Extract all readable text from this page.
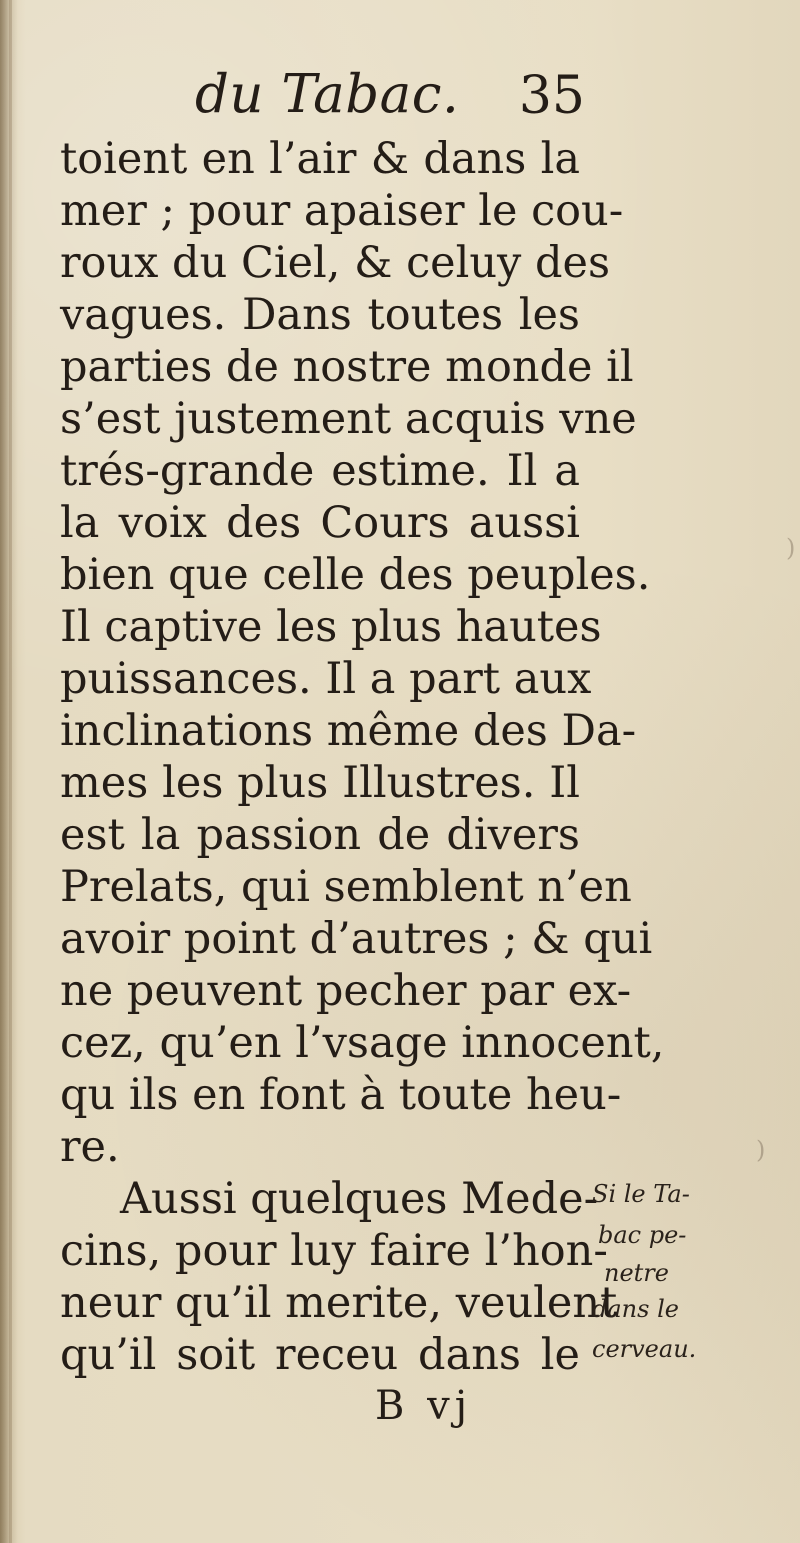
du Tabac. 35
toient en l’air & dans la
mer ; pour apaiser le cou-
roux du Ciel, & celuy des
vagues. Dans toutes les
parties de nostre monde il
s’est justement acquis vne
trés-grande estime. Il a
la voix des Cours aussi
bien que celle des peuples.
Il captive les plus hautes
puissances. Il a part aux
inclinations même des Da-
mes les plus Illustres. Il
est la passion de divers
Prelats, qui semblent n’en
avoir point d’autres ; & qui
ne peuvent pecher par ex-
cez, qu’en l’vsage innocent,
qu ils en font à toute heu-
re.
Aussi quelques Mede-
cins, pour luy faire l’hon-
neur qu’il merite, veulent
qu’il soit receu dans le
Si le Ta-
bac pe-
netre
dans le
cerveau.
B vj
)
)
